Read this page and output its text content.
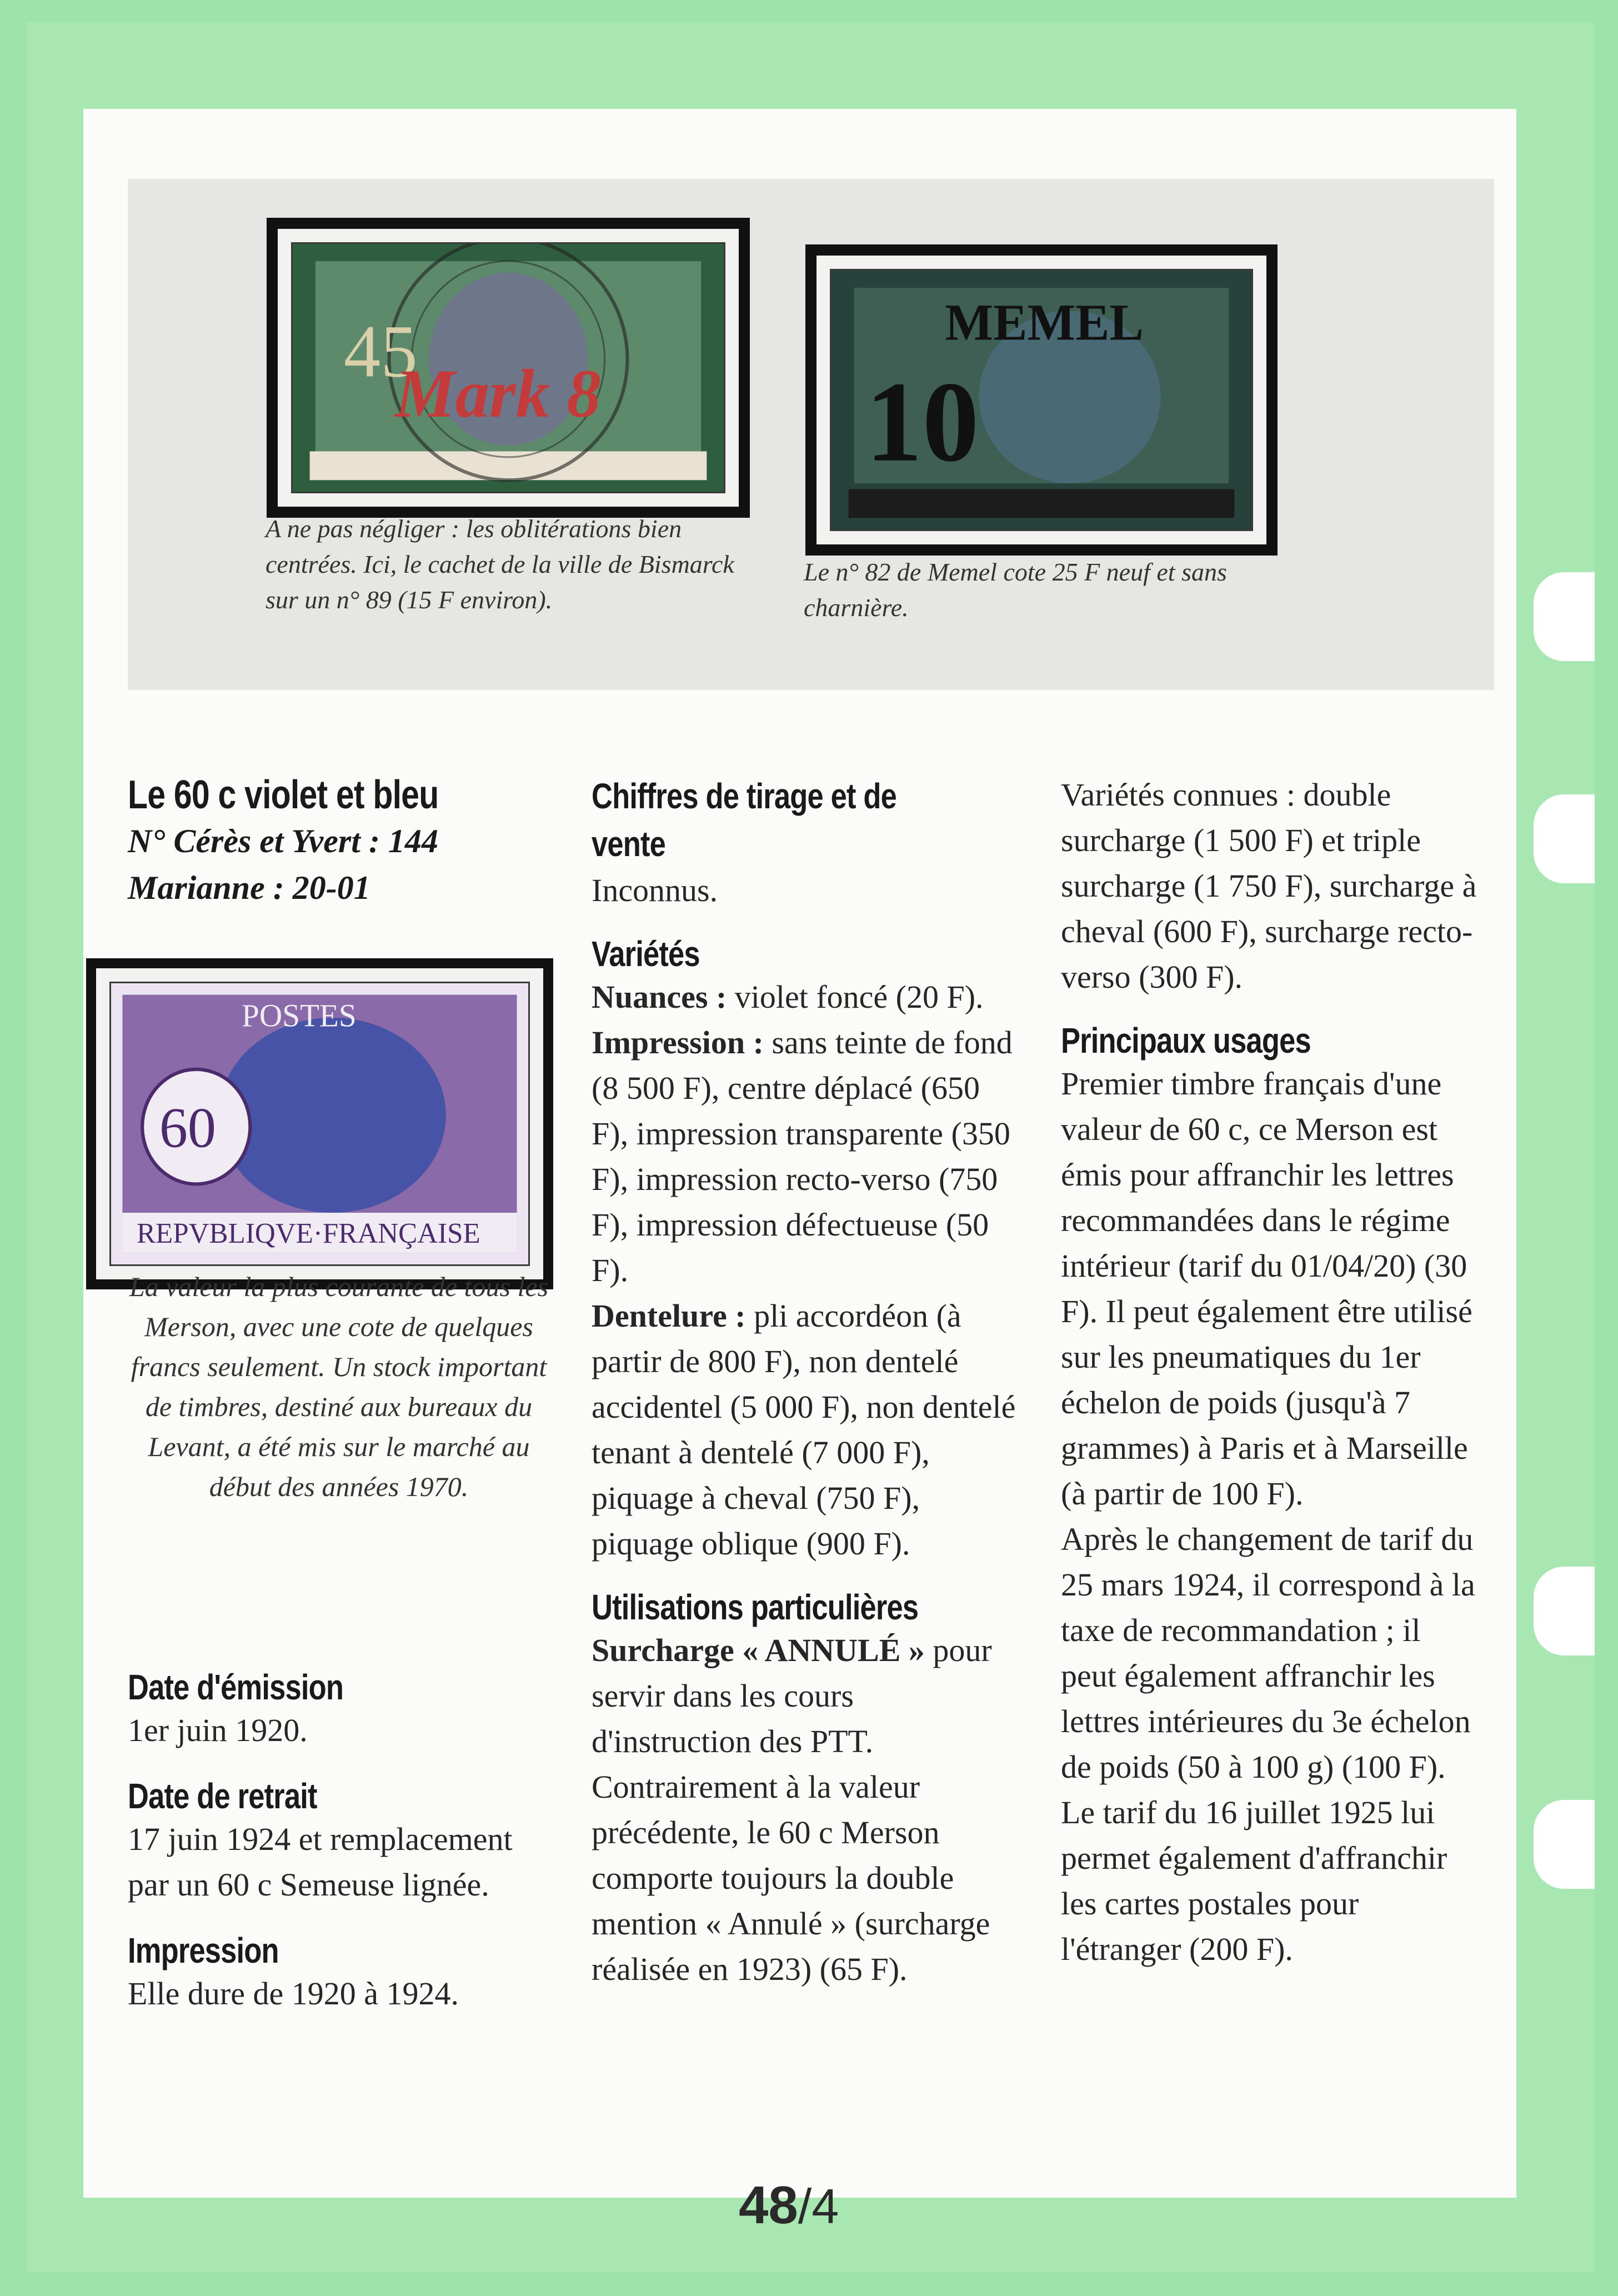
45
Mark 8
A ne pas négliger : les oblitérations bien centrées. Ici, le cachet de la ville de Bismarck sur un n° 89 (15 F environ).
MEMEL
10
Le n° 82 de Memel cote 25 F neuf et sans charnière.
60
POSTES
REPVBLIQVE·FRANÇAISE
La valeur la plus courante de tous les Merson, avec une cote de quelques francs seulement. Un stock important de timbres, destiné aux bureaux du Levant, a été mis sur le marché au début des années 1970.
Le 60 c violet et bleu

N° Cérès et Yvert : 144

Marianne : 20-01

Date d'émission

1er juin 1920.

Date de retrait

17 juin 1924 et remplacement par un 60 c Semeuse lignée.

Impression

Elle dure de 1920 à 1924.

Chiffres de tirage et de vente

Inconnus.

Variétés

Nuances : violet foncé (20 F).

Impression : sans teinte de fond (8 500 F), centre déplacé (650 F), impression transparente (350 F), impression recto-verso (750 F), impression défectueuse (50 F).

Dentelure : pli accordéon (à partir de 800 F), non dentelé accidentel (5 000 F), non dentelé tenant à dentelé (7 000 F), piquage à cheval (750 F), piquage oblique (900 F).

Utilisations particulières

Surcharge « ANNULÉ » pour servir dans les cours d'instruction des PTT. Contrairement à la valeur précédente, le 60 c Merson comporte toujours la double mention « Annulé » (surcharge réalisée en 1923) (65 F).

Variétés connues : double surcharge (1 500 F) et triple surcharge (1 750 F), surcharge à cheval (600 F), surcharge recto-verso (300 F).

Principaux usages

Premier timbre français d'une valeur de 60 c, ce Merson est émis pour affranchir les lettres recommandées dans le régime intérieur (tarif du 01/04/20) (30 F). Il peut également être utilisé sur les pneumatiques du 1er échelon de poids (jusqu'à 7 grammes) à Paris et à Marseille (à partir de 100 F).

Après le changement de tarif du 25 mars 1924, il correspond à la taxe de recommandation ; il peut également affranchir les lettres intérieures du 3e échelon de poids (50 à 100 g) (100 F).

Le tarif du 16 juillet 1925 lui permet également d'affranchir les cartes postales pour l'étranger (200 F).

48/4
